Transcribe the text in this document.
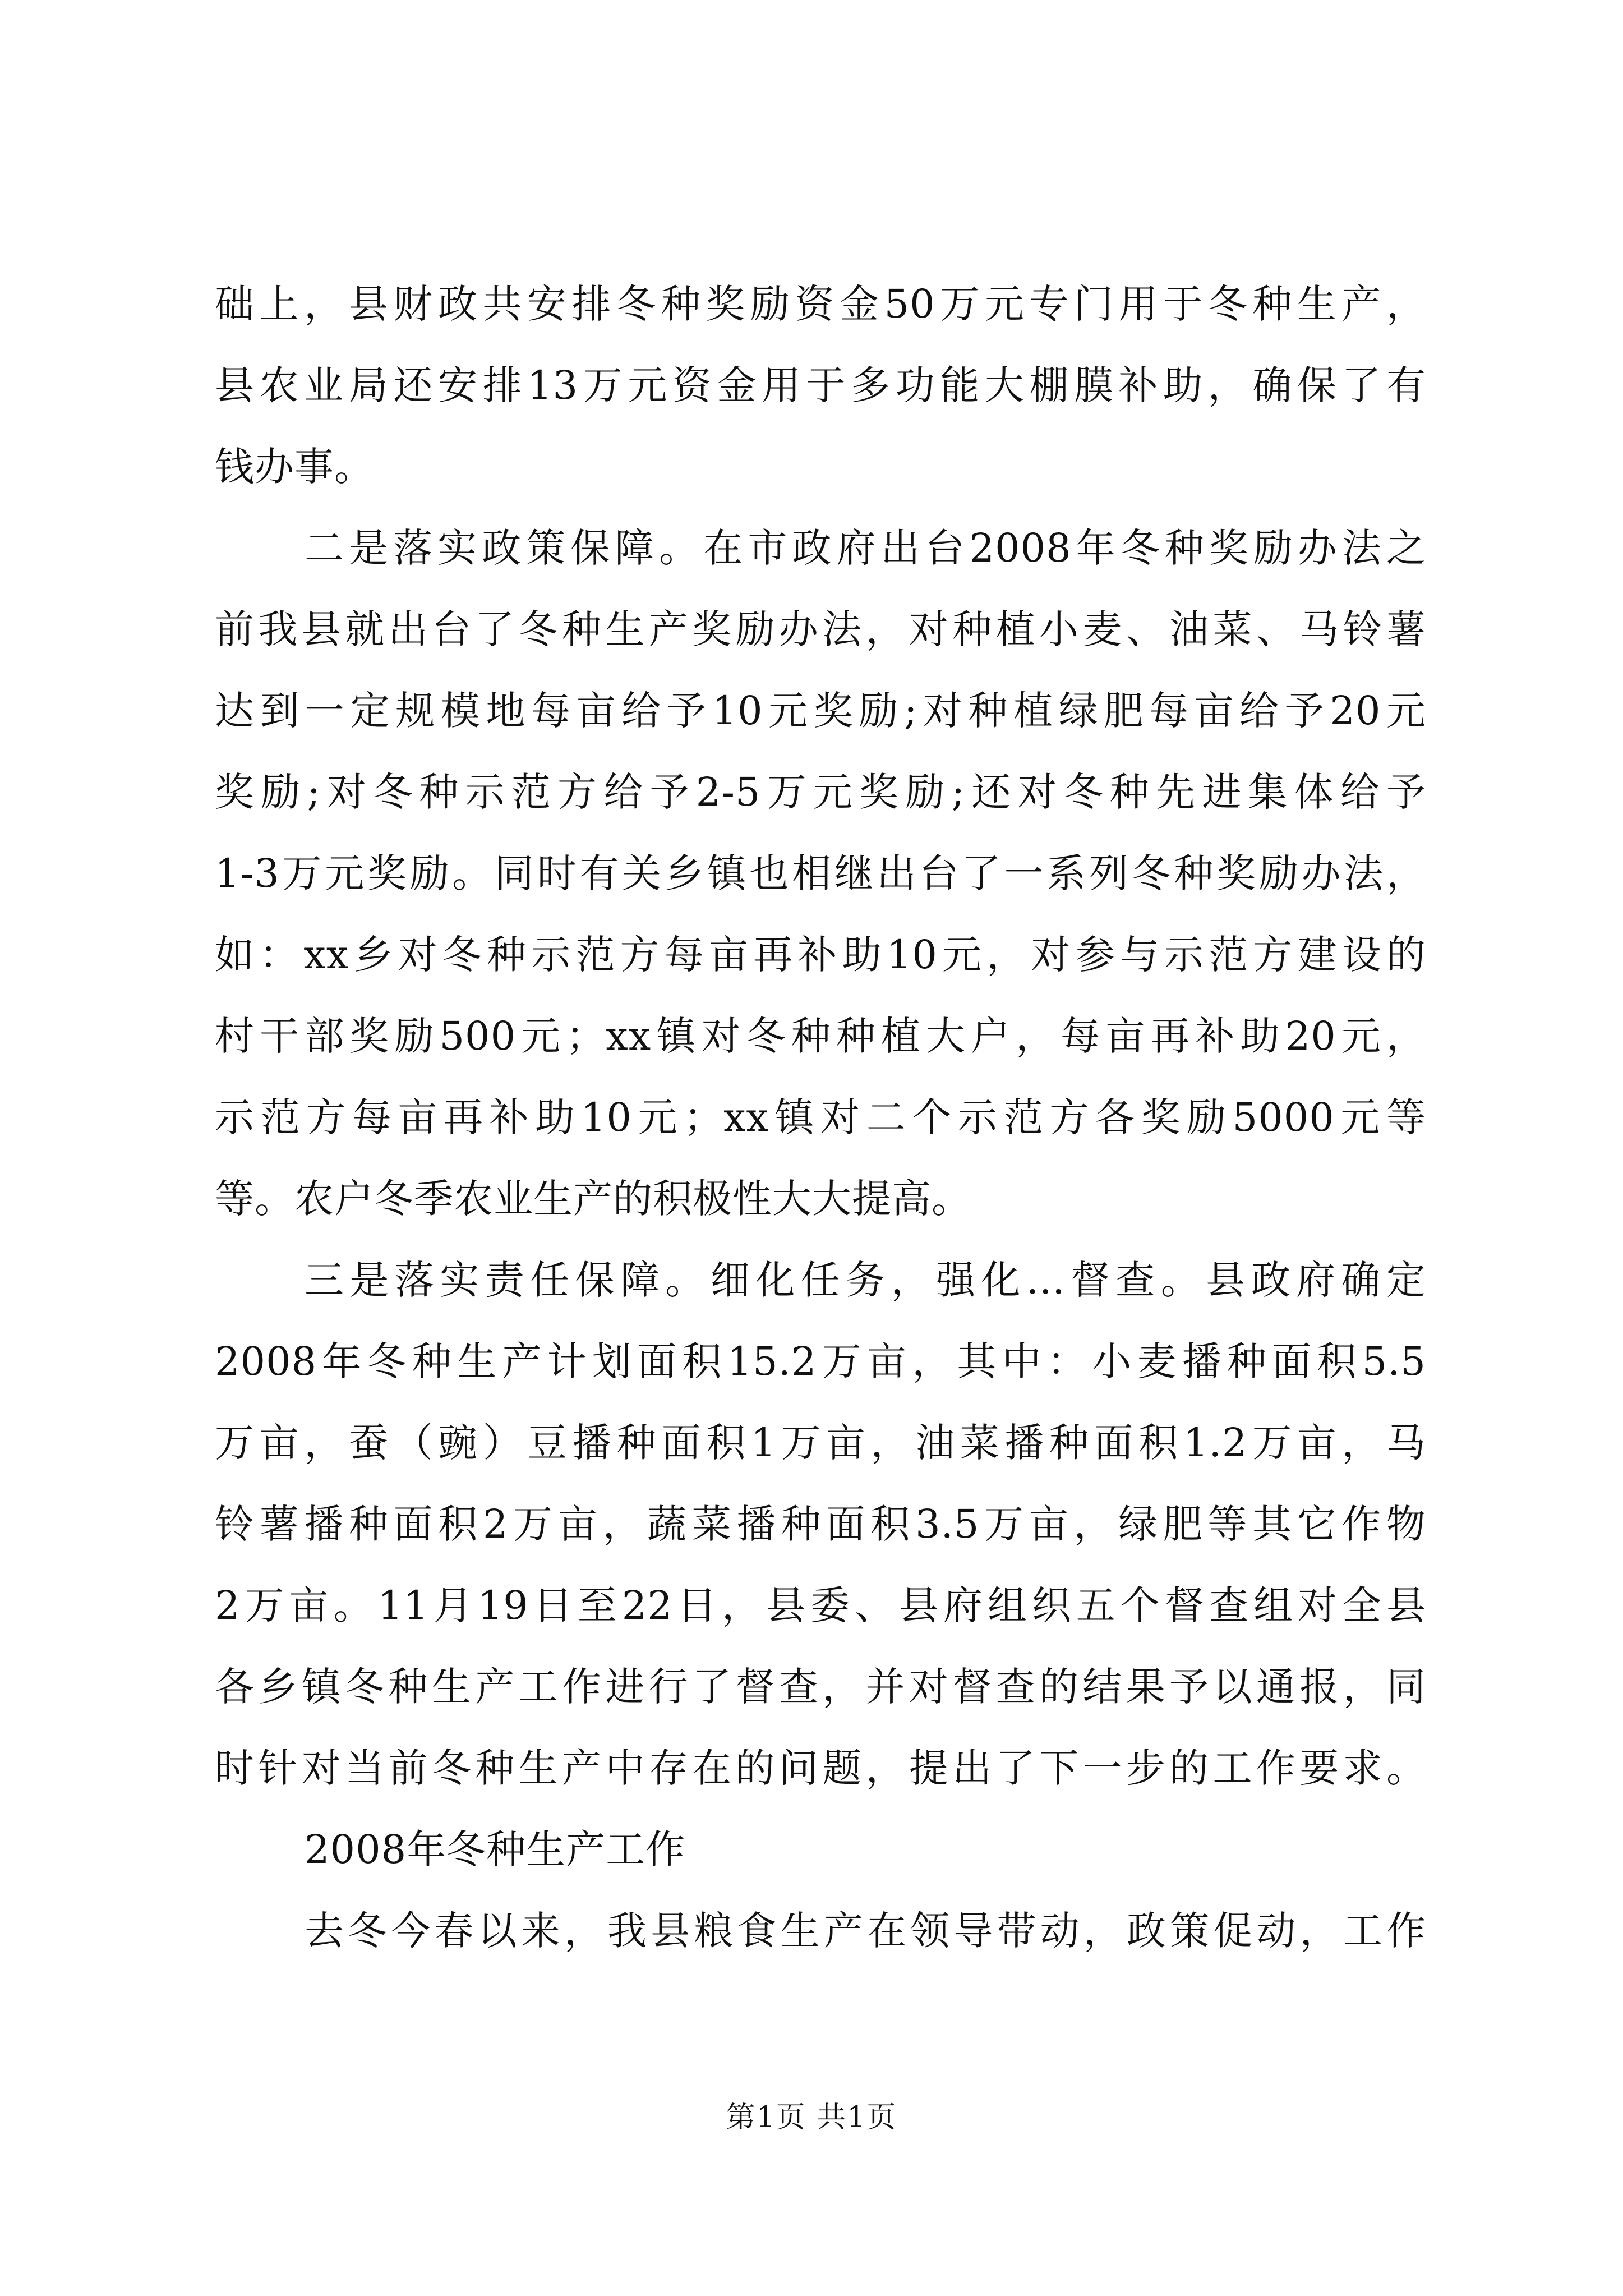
础上，县财政共安排冬种奖励资金50万元专门用于冬种生产，
县农业局还安排13万元资金用于多功能大棚膜补助，确保了有
钱办事。
二是落实政策保障。在市政府出台2008年冬种奖励办法之
前我县就出台了冬种生产奖励办法，对种植小麦、油菜、马铃薯
达到一定规模地每亩给予10元奖励;对种植绿肥每亩给予20元
奖励;对冬种示范方给予2-5万元奖励;还对冬种先进集体给予
1-3万元奖励。同时有关乡镇也相继出台了一系列冬种奖励办法，
如：xx乡对冬种示范方每亩再补助10元，对参与示范方建设的
村干部奖励500元；xx镇对冬种种植大户，每亩再补助20元，
示范方每亩再补助10元；xx镇对二个示范方各奖励5000元等
等。农户冬季农业生产的积极性大大提高。
三是落实责任保障。细化任务，强化...督查。县政府确定
2008年冬种生产计划面积15.2万亩，其中：小麦播种面积5.5
万亩，蚕（豌）豆播种面积1万亩，油菜播种面积1.2万亩，马
铃薯播种面积2万亩，蔬菜播种面积3.5万亩，绿肥等其它作物
2万亩。11月19日至22日，县委、县府组织五个督查组对全县
各乡镇冬种生产工作进行了督查，并对督查的结果予以通报，同
时针对当前冬种生产中存在的问题，提出了下一步的工作要求。
2008年冬种生产工作
去冬今春以来，我县粮食生产在领导带动，政策促动，工作
第1页 共1页
